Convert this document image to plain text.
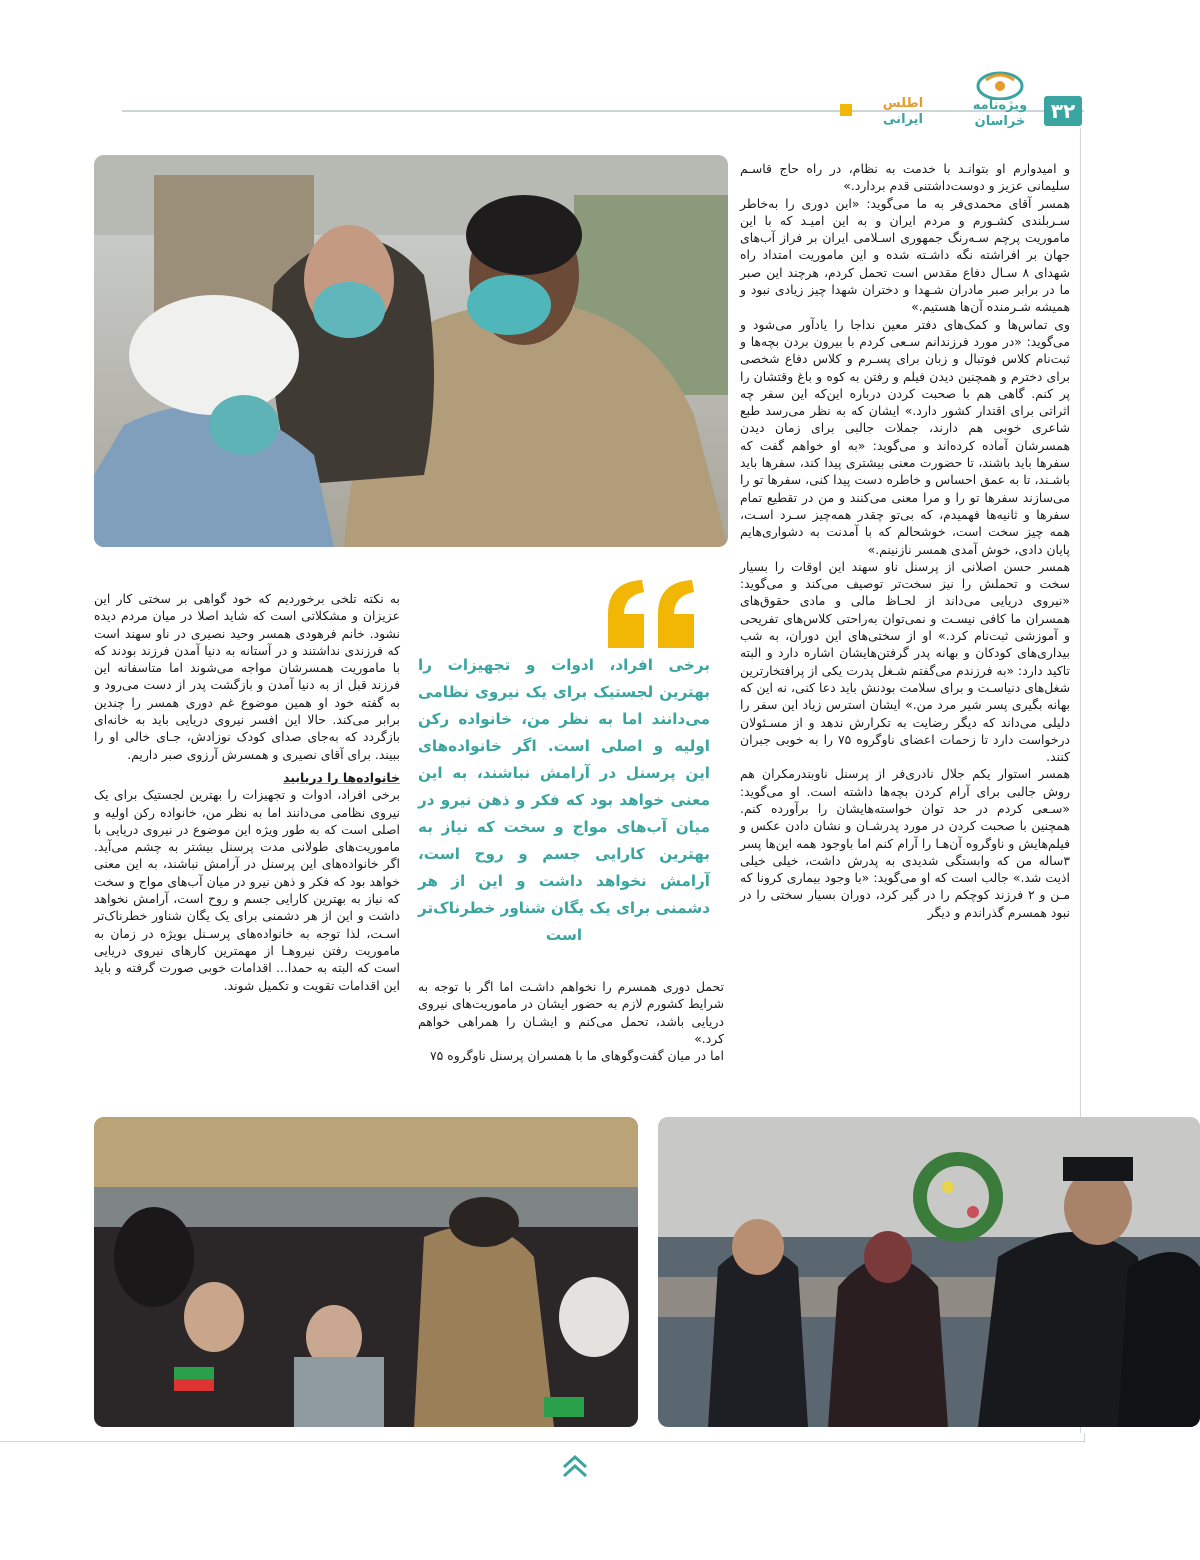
۳۲
ویژه‌نامه خراسان
اطلس
ایرانی

و امیدوارم او بتوانـد با خدمت به نظام، در راه حاج قاسـم سلیمانی عزیز و دوست‌داشتنی قدم بردارد.»

همسر آقای محمدی‌فر به ما می‌گوید: «این دوری را به‌خاطر سـربلندی کشـورم و مردم ایران و به این امیـد که با این ماموریت پرچم سـه‌رنگ جمهوری اسـلامی ایران بر فراز آب‌های جهان بر افراشته نگه داشـته شده و این ماموریت امتداد راه شهدای ۸ سـال دفاع مقدس است تحمل کردم، هرچند این صبر ما در برابر صبر مادران شـهدا و دختران شهدا چیز زیادی نبود و همیشه شـرمنده آن‌ها هستیم.»

وی تماس‌ها و کمک‌های دفتر معین نداجا را یادآور می‌شود و می‌گوید: «در مورد فرزندانم سـعی کردم با بیرون بردن بچه‌ها و ثبت‌نام کلاس فوتبال و زبان برای پسـرم و کلاس دفاع شخصی برای دخترم و همچنین دیدن فیلم و رفتن به کوه و باغ وقتشان را پر کنم. گاهی هم با صحبت کردن درباره این‌که این سفر چه اثراتی برای اقتدار کشور دارد.» ایشان که به نظر می‌رسد طبع شاعری خوبی هم دارند، جملات جالبی برای زمان دیدن همسرشان آماده کرده‌اند و می‌گوید: «به او خواهم گفت که سفرها باید باشند، تا حضورت معنی بیشتری پیدا کند، سفرها باید باشـند، تا به عمق احساس و خاطره دست پیدا کنی، سفرها تو را می‌سازند سفرها تو را و مرا معنی می‌کنند و من در تقطیع تمام سفرها و ثانیه‌ها فهمیدم، که بی‌تو چقدر همه‌چیز سـرد اسـت، همه چیز سخت است، خوشحالم که با آمدنت به دشواری‌هایم پایان دادی، خوش آمدی همسر نازنینم.»

همسر حسن اصلانی از پرسنل ناو سهند این اوقات را بسیار سخت و تحملش را نیز سخت‌تر توصیف می‌کند و می‌گوید: «نیروی دریایی می‌داند از لحـاظ مالی و مادی حقوق‌های همسران ما کافی نیسـت و نمی‌توان به‌راحتی کلاس‌های تفریحی و آموزشی ثبت‌نام کرد.» او از سختی‌های این دوران، به شب بیداری‌های کودکان و بهانه پدر گرفتن‌هایشان اشاره دارد و البته تاکید دارد: «به فرزندم می‌گفتم شـغل پدرت یکی از پرافتخارترین شغل‌های دنیاسـت و برای سلامت بودنش باید دعا کنی، نه این که بهانه بگیری پسر شیر مرد من.» ایشان استرس زیاد این سفر را دلیلی می‌داند که دیگر رضایت به تکرارش ندهد و از مسـئولان درخواست دارد تا زحمات اعضای ناوگروه ۷۵ را به خوبی جبران کنند.

همسر استوار یکم جلال نادری‌فر از پرسنل ناوبندرمکران هم روش جالبی برای آرام کردن بچه‌ها داشته است. او می‌گوید: «سـعی کردم در حد توان خواسته‌هایشان را برآورده کنم. همچنین با صحبت کردن در مورد پدرشـان و نشان دادن عکس و فیلم‌هایش و ناوگروه آن‌هـا را آرام کنم اما باوجود همه این‌ها پسر ۳ساله من که وابستگی شدیدی به پدرش داشت، خیلی خیلی اذیت شد.» جالب است که او می‌گوید: «با وجود بیماری کرونا که مـن و ۲ فرزند کوچکم را در گیر کرد، دوران بسیار سختی را در نبود همسرم گذراندم و دیگر

برخی افراد، ادوات و تجهیزات را بهترین لجستیک برای یک نیروی نظامی می‌دانند اما به نظر من، خانواده رکن اولیه و اصلی است. اگر خانواده‌های این پرسنل در آرامش نباشند، به این معنی خواهد بود که فکر و ذهن نیرو در میان آب‌های مواج و سخت که نیاز به بهترین کارایی جسم و روح است، آرامش نخواهد داشت و این از هر دشمنی برای یک یگان شناور خطرناک‌تر است

تحمل دوری همسرم را نخواهم داشـت اما اگر با توجه به شرایط کشورم لازم به حضور ایشان در ماموریت‌های نیروی دریایی باشد، تحمل می‌کنم و ایشـان را همراهی خواهم کرد.»

اما در میان گفت‌وگوهای ما با همسران پرسنل ناوگروه ۷۵

به نکته تلخی برخوردیم که خود گواهی بر سختی کار این عزیزان و مشکلاتی است که شاید اصلا در میان مردم دیده نشود. خانم فرهودی همسر وحید نصیری در ناو سهند است که فرزندی نداشتند و در آستانه به دنیا آمدن فرزند بودند که با ماموریت همسرشان مواجه می‌شوند اما متاسفانه این فرزند قبل از به دنیا آمدن و بازگشت پدر از دست می‌رود و به گفته خود او همین موضوع غم دوری همسر را چندین برابر می‌کند. حالا این افسر نیروی دریایی باید به خانه‌ای بازگردد که به‌جای صدای کودک نوزادش، جـای خالی او را ببیند. برای آقای نصیری و همسرش آرزوی صبر داریم.

خانواده‌ها را دریابید

برخی افراد، ادوات و تجهیزات را بهترین لجستیک برای یک نیروی نظامی می‌دانند اما به نظر من، خانواده رکن اولیه و اصلی است که به طور ویژه این موضوع در نیروی دریایی با ماموریت‌های طولانی مدت پرسنل بیشتر به چشم می‌آید. اگر خانواده‌های این پرسنل در آرامش نباشند، به این معنی خواهد بود که فکر و ذهن نیرو در میان آب‌های مواج و سخت که نیاز به بهترین کارایی جسم و روح است، آرامش نخواهد داشت و این از هر دشمنی برای یک یگان شناور خطرناک‌تر اسـت، لذا توجه به خانواده‌های پرسـنل بویژه در زمان به ماموریت رفتن نیروهـا از مهمترین کارهای نیروی دریایی است که البته به حمدا... اقدامات خوبی صورت گرفته و باید این اقدامات تقویت و تکمیل شوند.
